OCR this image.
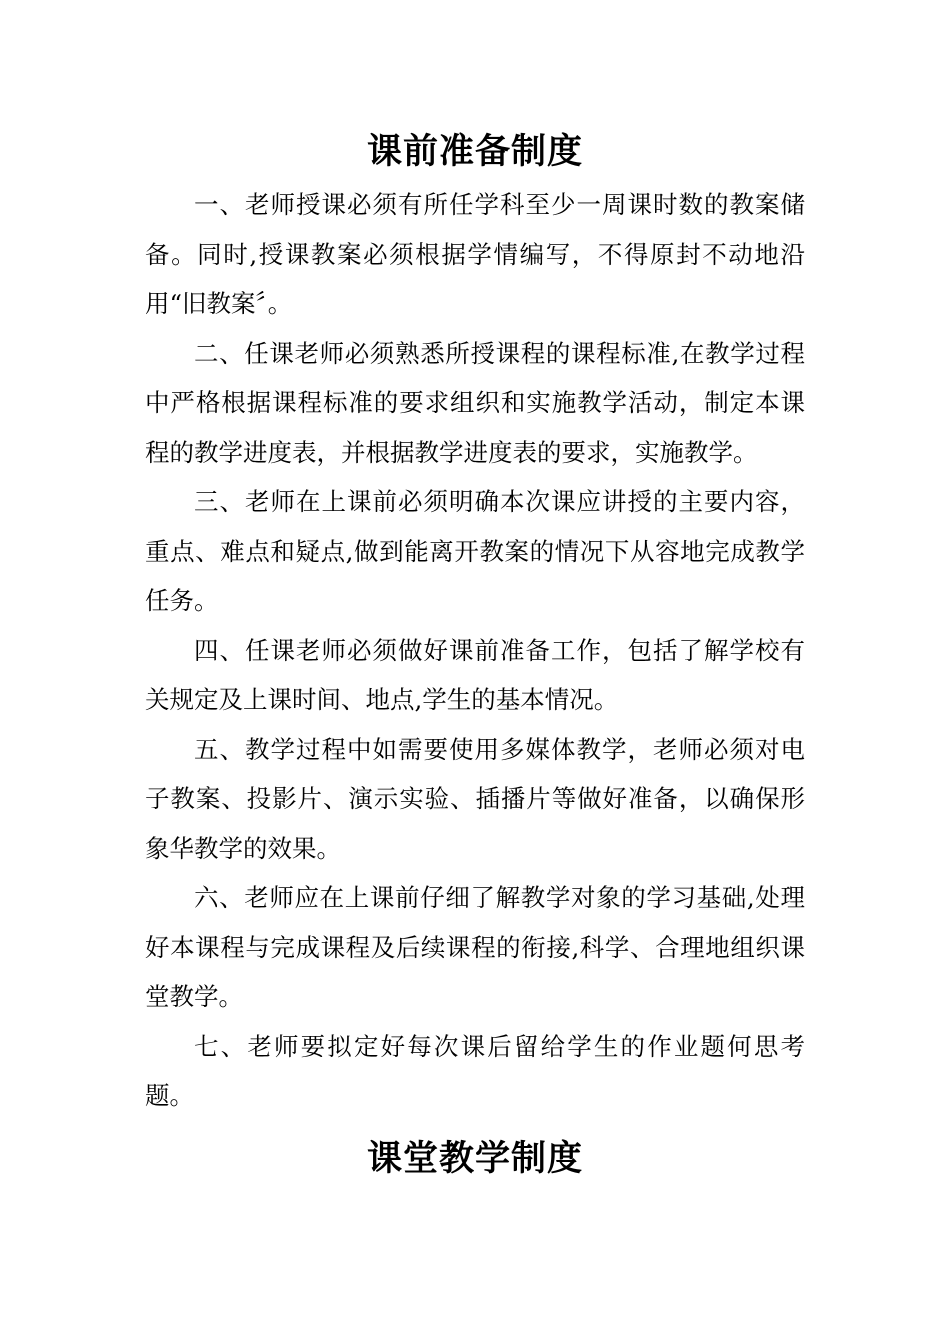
课前准备制度

一、老师授课必须有所任学科至少一周课时数的教案储备。同时,授课教案必须根据学情编写，不得原封不动地沿用“旧教案〞。

二、任课老师必须熟悉所授课程的课程标准,在教学过程中严格根据课程标准的要求组织和实施教学活动，制定本课程的教学进度表，并根据教学进度表的要求，实施教学。

三、老师在上课前必须明确本次课应讲授的主要内容，重点、难点和疑点,做到能离开教案的情况下从容地完成教学任务。

四、任课老师必须做好课前准备工作，包括了解学校有关规定及上课时间、地点,学生的基本情况。

五、教学过程中如需要使用多媒体教学，老师必须对电子教案、投影片、演示实验、插播片等做好准备，以确保形象华教学的效果。

六、老师应在上课前仔细了解教学对象的学习基础,处理好本课程与完成课程及后续课程的衔接,科学、合理地组织课堂教学。

七、老师要拟定好每次课后留给学生的作业题何思考题。

课堂教学制度
